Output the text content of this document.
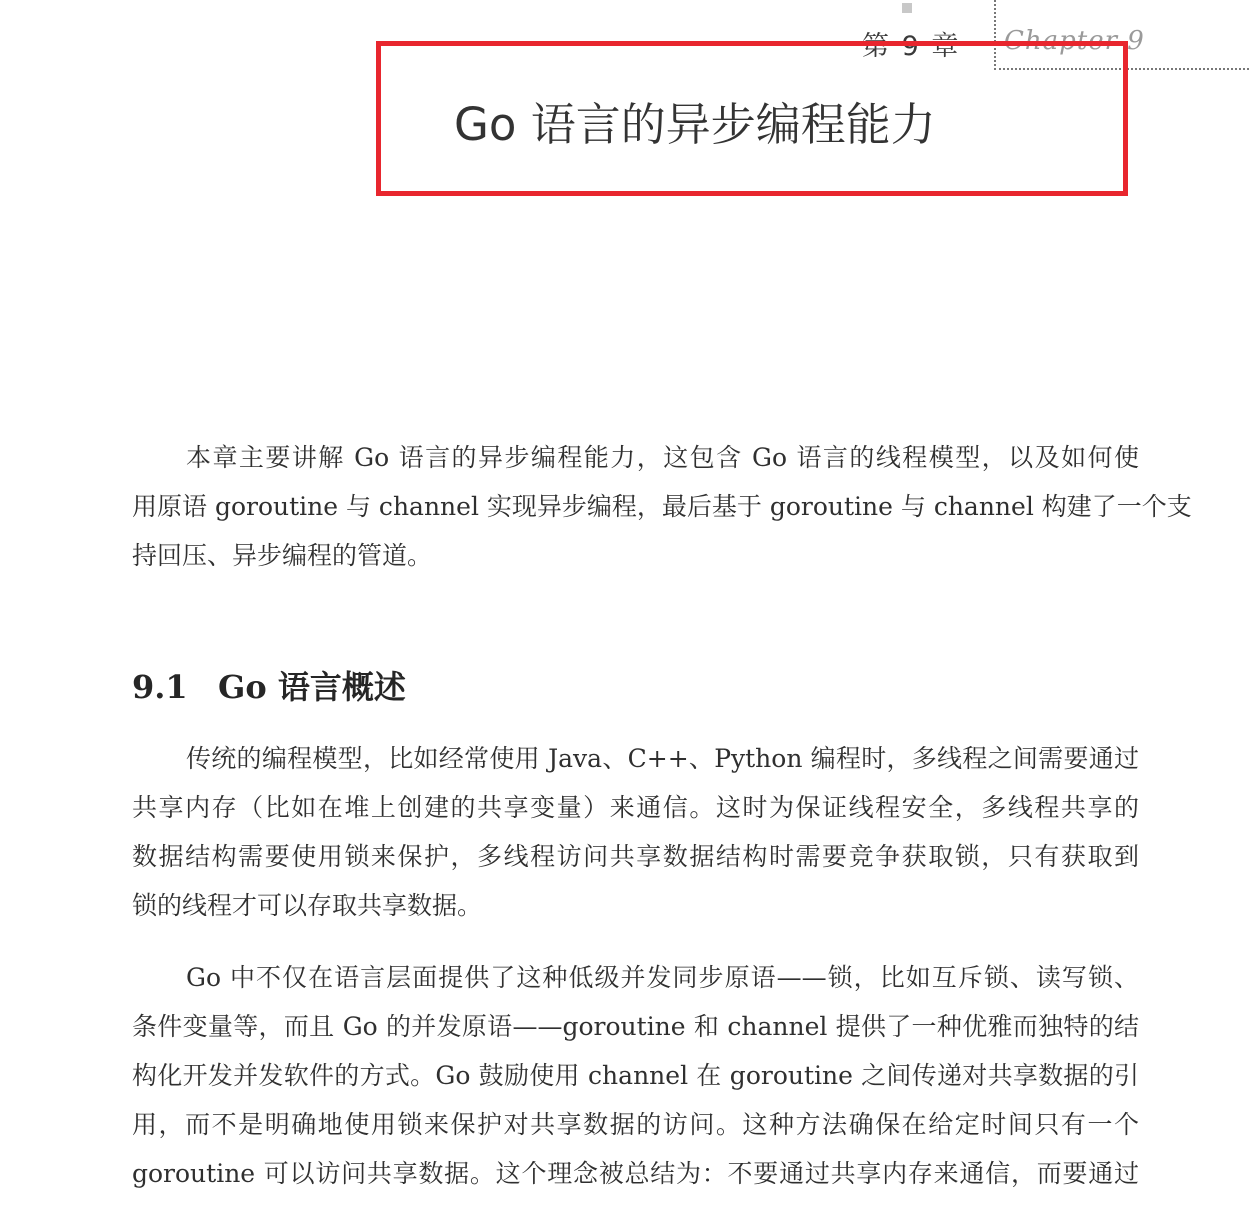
第 9 章 Chapter 9
Go 语言的异步编程能力

本章主要讲解 Go 语言的异步编程能力，这包含 Go 语言的线程模型，以及如何使
用原语 goroutine 与 channel 实现异步编程，最后基于 goroutine 与 channel 构建了一个支
持回压、异步编程的管道。

9.1 Go 语言概述

传统的编程模型，比如经常使用 Java、C++、Python 编程时，多线程之间需要通过
共享内存（比如在堆上创建的共享变量）来通信。这时为保证线程安全，多线程共享的
数据结构需要使用锁来保护，多线程访问共享数据结构时需要竞争获取锁，只有获取到
锁的线程才可以存取共享数据。

Go 中不仅在语言层面提供了这种低级并发同步原语——锁，比如互斥锁、读写锁、
条件变量等，而且 Go 的并发原语——goroutine 和 channel 提供了一种优雅而独特的结
构化开发并发软件的方式。Go 鼓励使用 channel 在 goroutine 之间传递对共享数据的引
用，而不是明确地使用锁来保护对共享数据的访问。这种方法确保在给定时间只有一个
goroutine 可以访问共享数据。这个理念被总结为：不要通过共享内存来通信，而要通过
